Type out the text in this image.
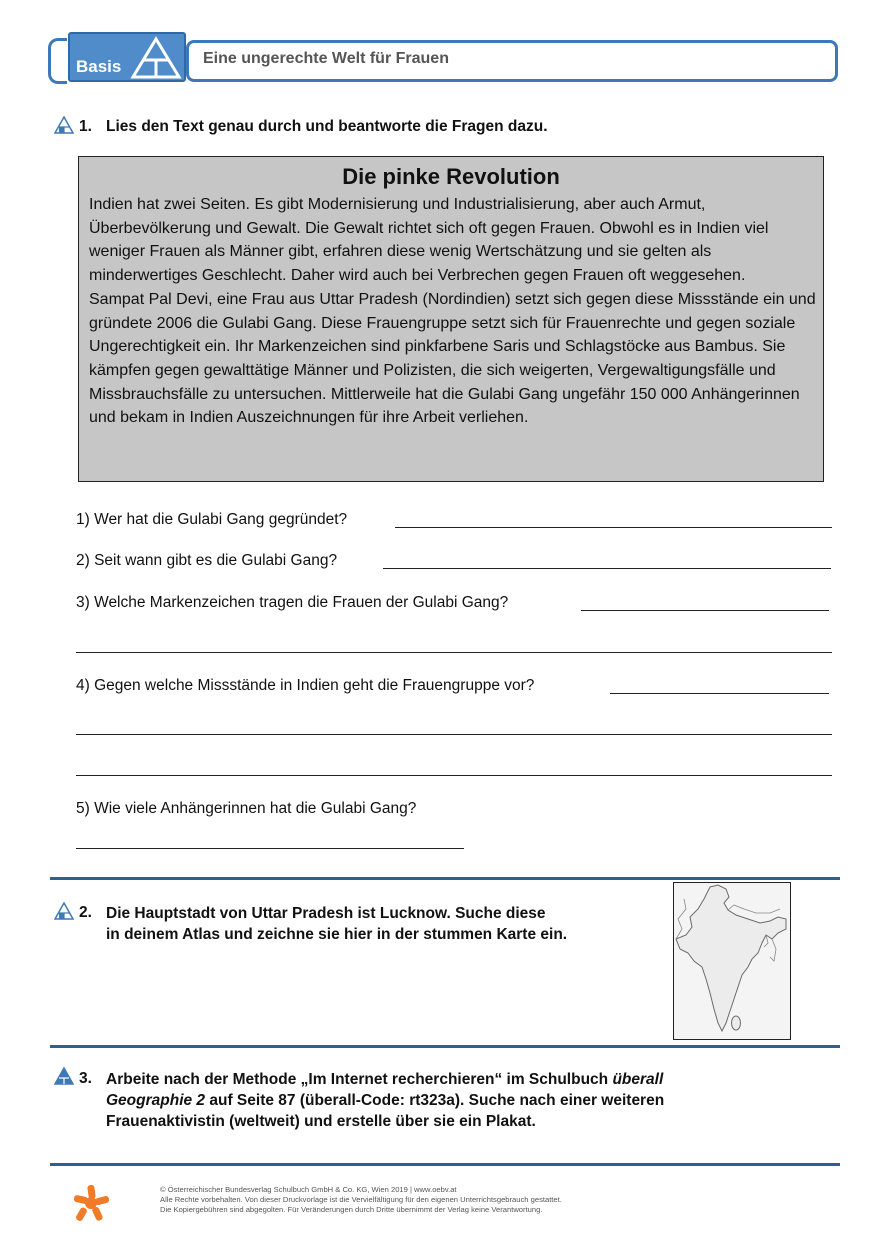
Basis	Eine ungerechte Welt für Frauen
1. Lies den Text genau durch und beantworte die Fragen dazu.
Die pinke Revolution

Indien hat zwei Seiten. Es gibt Modernisierung und Industrialisierung, aber auch Armut, Überbevölkerung und Gewalt. Die Gewalt richtet sich oft gegen Frauen. Obwohl es in Indien viel weniger Frauen als Männer gibt, erfahren diese wenig Wertschätzung und sie gelten als minderwertiges Geschlecht. Daher wird auch bei Verbrechen gegen Frauen oft weggesehen.

Sampat Pal Devi, eine Frau aus Uttar Pradesh (Nordindien) setzt sich gegen diese Missstände ein und gründete 2006 die Gulabi Gang. Diese Frauengruppe setzt sich für Frauenrechte und gegen soziale Ungerechtigkeit ein. Ihr Markenzeichen sind pinkfarbene Saris und Schlagstöcke aus Bambus. Sie kämpfen gegen gewalttätige Männer und Polizisten, die sich weigerten, Vergewaltigungsfälle und Missbrauchsfälle zu untersuchen. Mittlerweile hat die Gulabi Gang ungefähr 150 000 Anhängerinnen und bekam in Indien Auszeichnungen für ihre Arbeit verliehen.

1) Wer hat die Gulabi Gang gegründet?
2) Seit wann gibt es die Gulabi Gang?
3) Welche Markenzeichen tragen die Frauen der Gulabi Gang?
4) Gegen welche Missstände in Indien geht die Frauengruppe vor?
5) Wie viele Anhängerinnen hat die Gulabi Gang?
2. Die Hauptstadt von Uttar Pradesh ist Lucknow. Suche diese
in deinem Atlas und zeichne sie hier in der stummen Karte ein.
3. Arbeite nach der Methode „Im Internet recherchieren“ im Schulbuch überall
Geographie 2 auf Seite 87 (überall-Code: rt323a). Suche nach einer weiteren
Frauenaktivistin (weltweit) und erstelle über sie ein Plakat.

© Österreichischer Bundesverlag Schulbuch GmbH & Co. KG, Wien 2019 | www.oebv.at

Alle Rechte vorbehalten. Von dieser Druckvorlage ist die Vervielfältigung für den eigenen Unterrichtsgebrauch gestattet.

Die Kopiergebühren sind abgegolten. Für Veränderungen durch Dritte übernimmt der Verlag keine Verantwortung.
